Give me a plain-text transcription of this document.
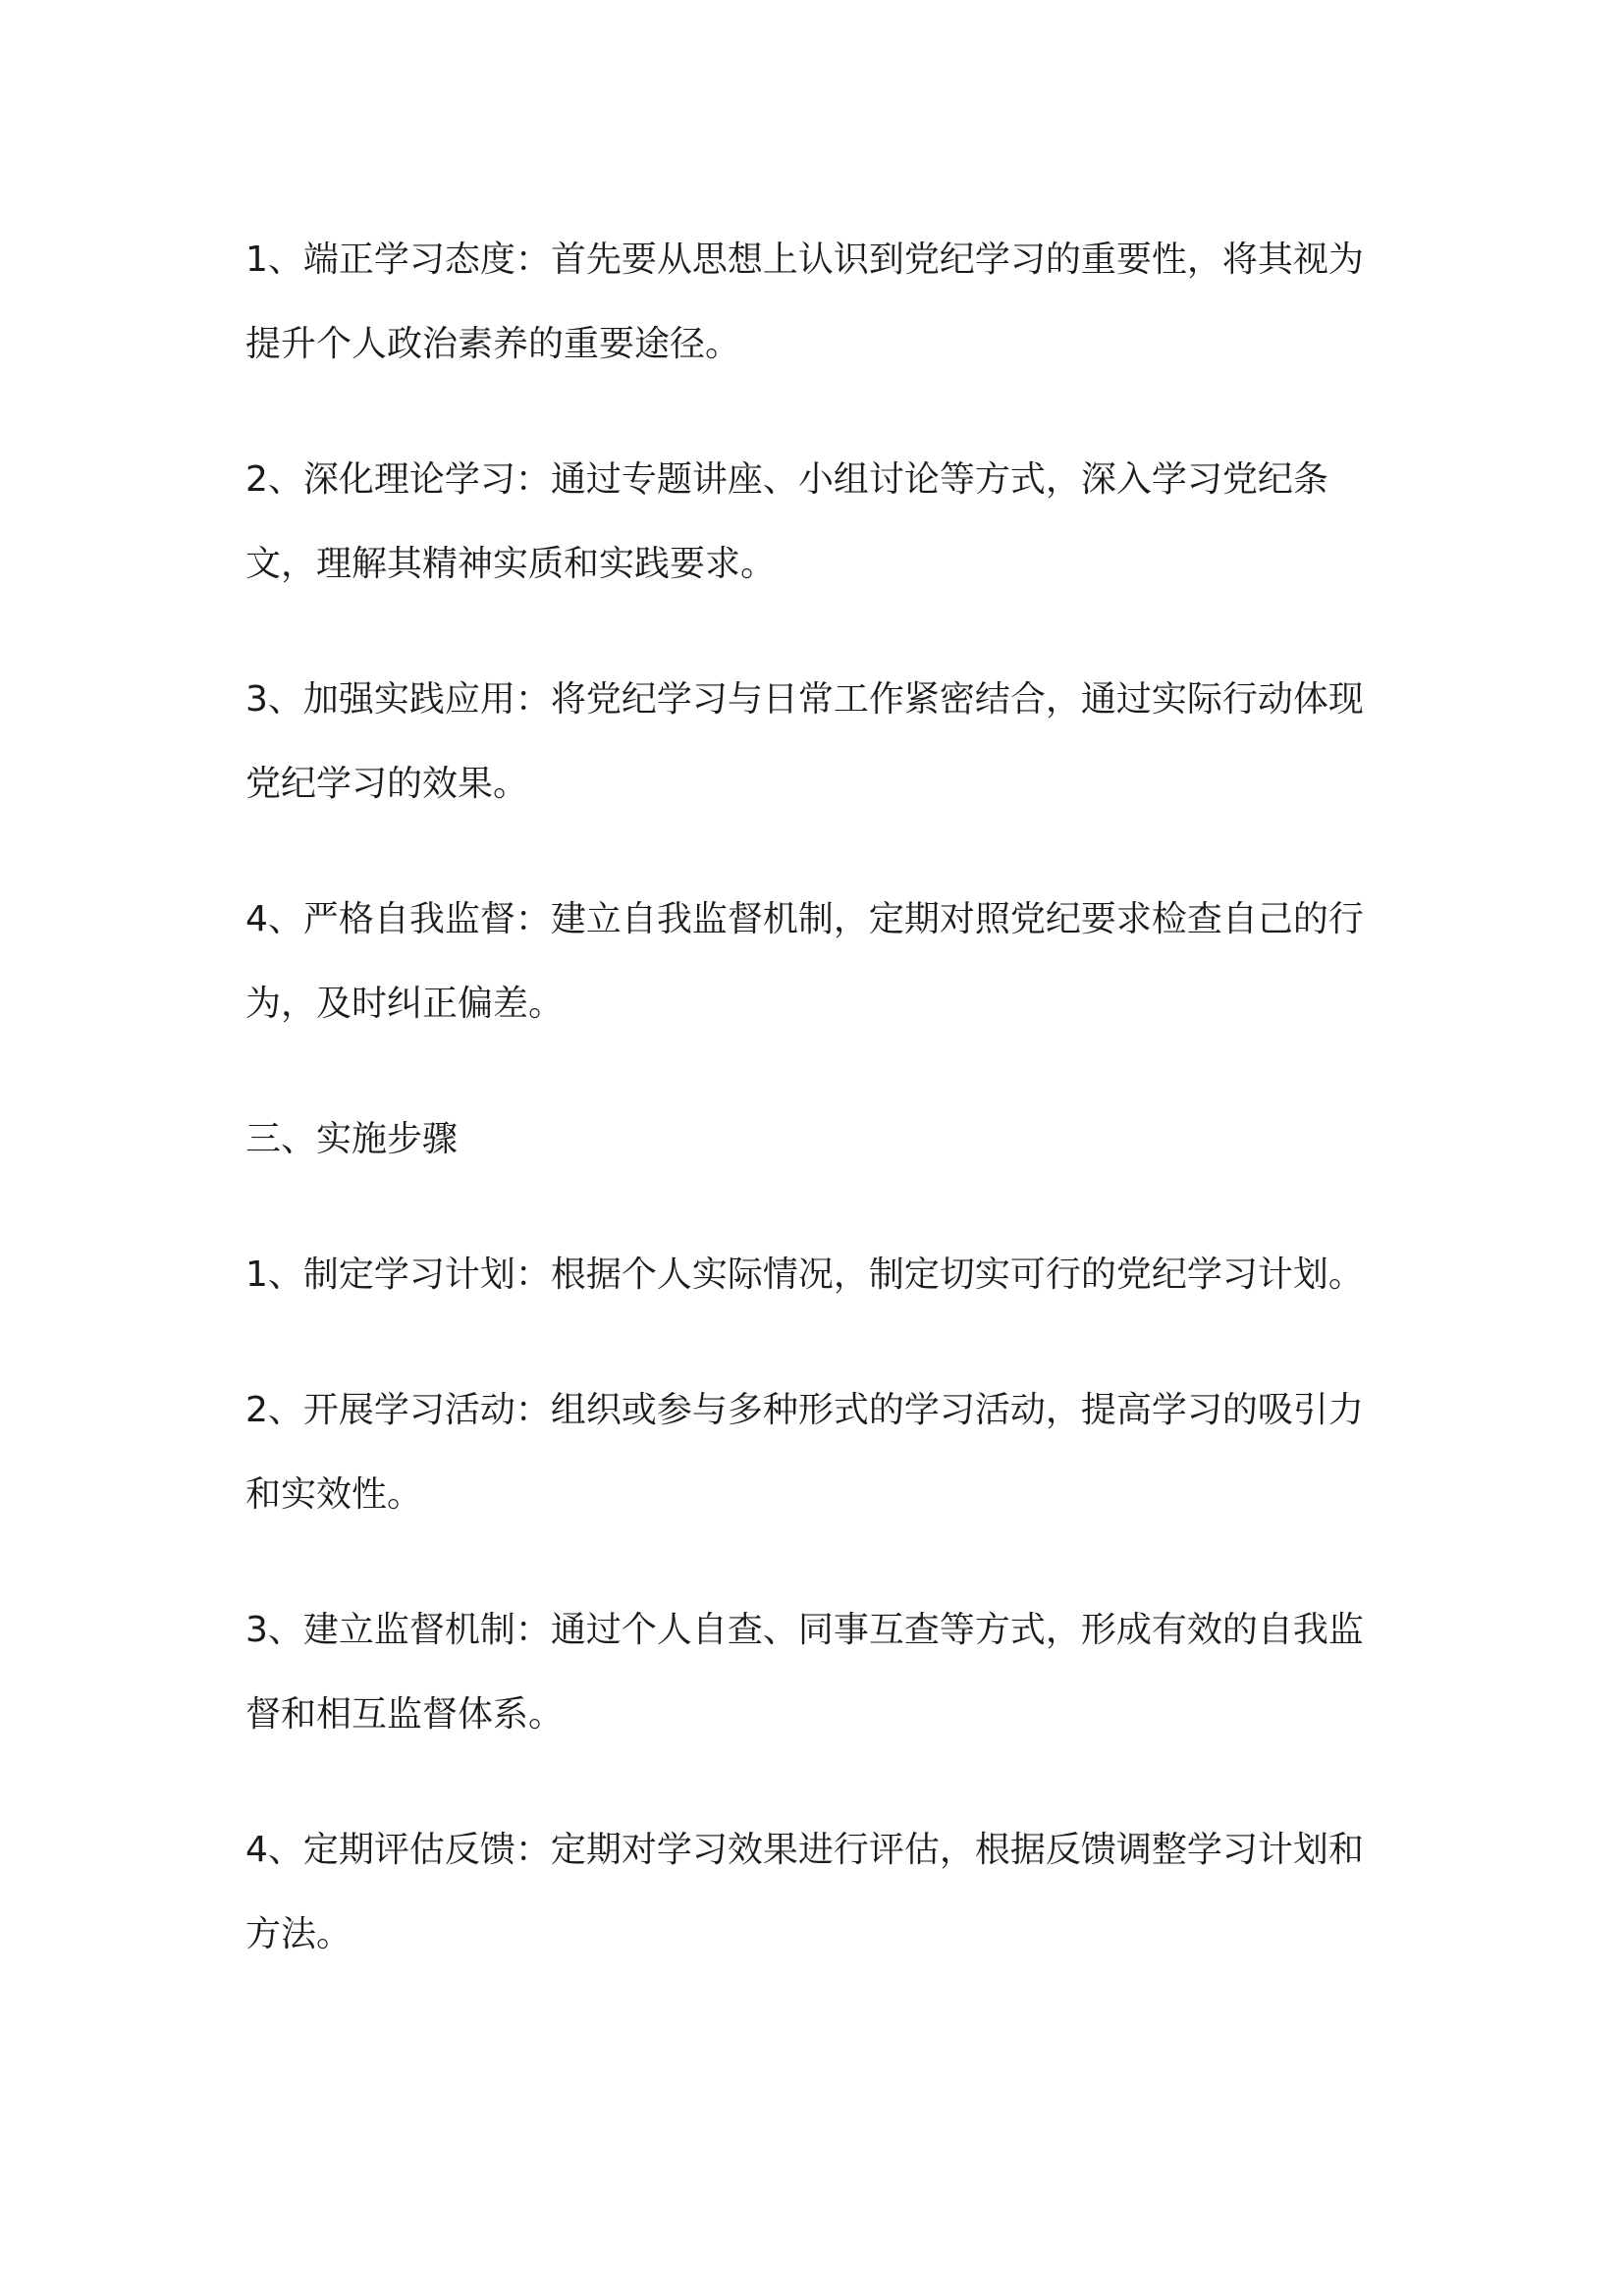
1、端正学习态度：首先要从思想上认识到党纪学习的重要性，将其视为提升个人政治素养的重要途径。

2、深化理论学习：通过专题讲座、小组讨论等方式，深入学习党纪条文，理解其精神实质和实践要求。

3、加强实践应用：将党纪学习与日常工作紧密结合，通过实际行动体现党纪学习的效果。

4、严格自我监督：建立自我监督机制，定期对照党纪要求检查自己的行为，及时纠正偏差。

三、实施步骤

1、制定学习计划：根据个人实际情况，制定切实可行的党纪学习计划。

2、开展学习活动：组织或参与多种形式的学习活动，提高学习的吸引力和实效性。

3、建立监督机制：通过个人自查、同事互查等方式，形成有效的自我监督和相互监督体系。

4、定期评估反馈：定期对学习效果进行评估，根据反馈调整学习计划和方法。
